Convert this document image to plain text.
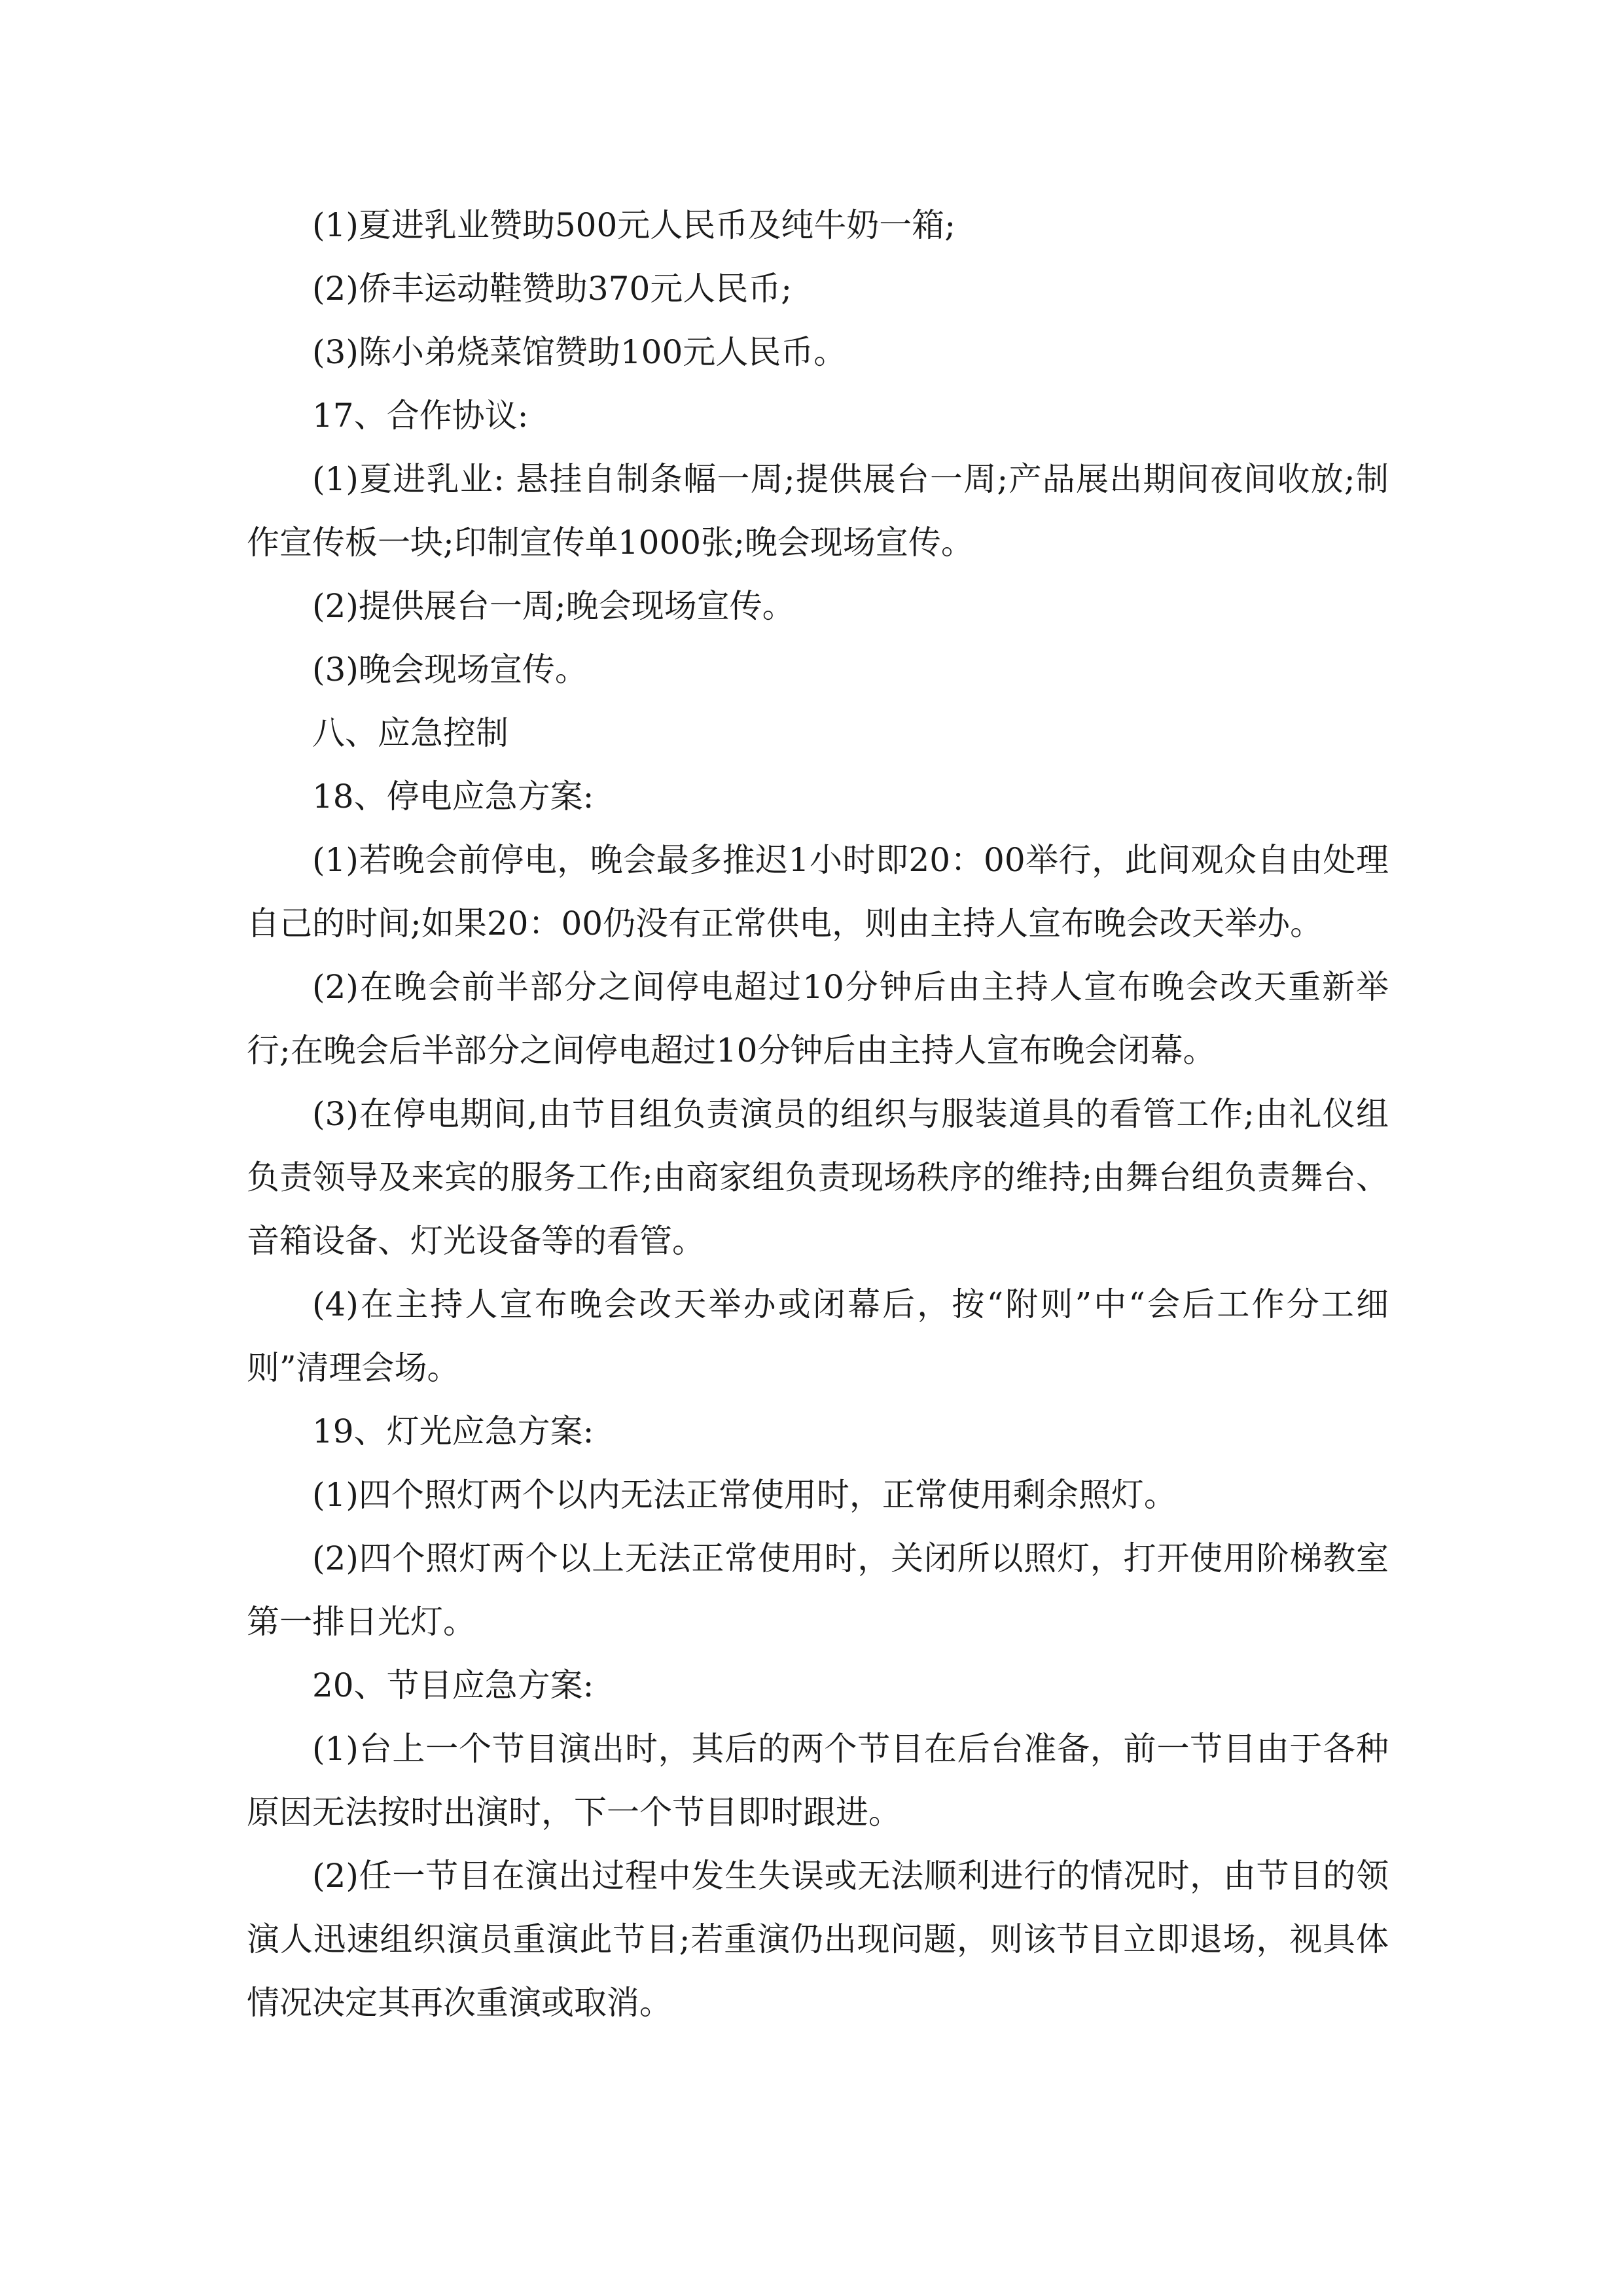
(1)夏进乳业赞助500元人民币及纯牛奶一箱;

(2)侨丰运动鞋赞助370元人民币;

(3)陈小弟烧菜馆赞助100元人民币。

17、合作协议:

(1)夏进乳业: 悬挂自制条幅一周;提供展台一周;产品展出期间夜间收放;制作宣传板一块;印制宣传单1000张;晚会现场宣传。

(2)提供展台一周;晚会现场宣传。

(3)晚会现场宣传。

八、应急控制

18、停电应急方案:

(1)若晚会前停电，晚会最多推迟1小时即20：00举行，此间观众自由处理自己的时间;如果20：00仍没有正常供电，则由主持人宣布晚会改天举办。

(2)在晚会前半部分之间停电超过10分钟后由主持人宣布晚会改天重新举行;在晚会后半部分之间停电超过10分钟后由主持人宣布晚会闭幕。

(3)在停电期间,由节目组负责演员的组织与服装道具的看管工作;由礼仪组负责领导及来宾的服务工作;由商家组负责现场秩序的维持;由舞台组负责舞台、音箱设备、灯光设备等的看管。

(4)在主持人宣布晚会改天举办或闭幕后，按“附则”中“会后工作分工细则”清理会场。

19、灯光应急方案:

(1)四个照灯两个以内无法正常使用时，正常使用剩余照灯。

(2)四个照灯两个以上无法正常使用时，关闭所以照灯，打开使用阶梯教室第一排日光灯。

20、节目应急方案:

(1)台上一个节目演出时，其后的两个节目在后台准备，前一节目由于各种原因无法按时出演时，下一个节目即时跟进。

(2)任一节目在演出过程中发生失误或无法顺利进行的情况时，由节目的领演人迅速组织演员重演此节目;若重演仍出现问题，则该节目立即退场，视具体情况决定其再次重演或取消。
